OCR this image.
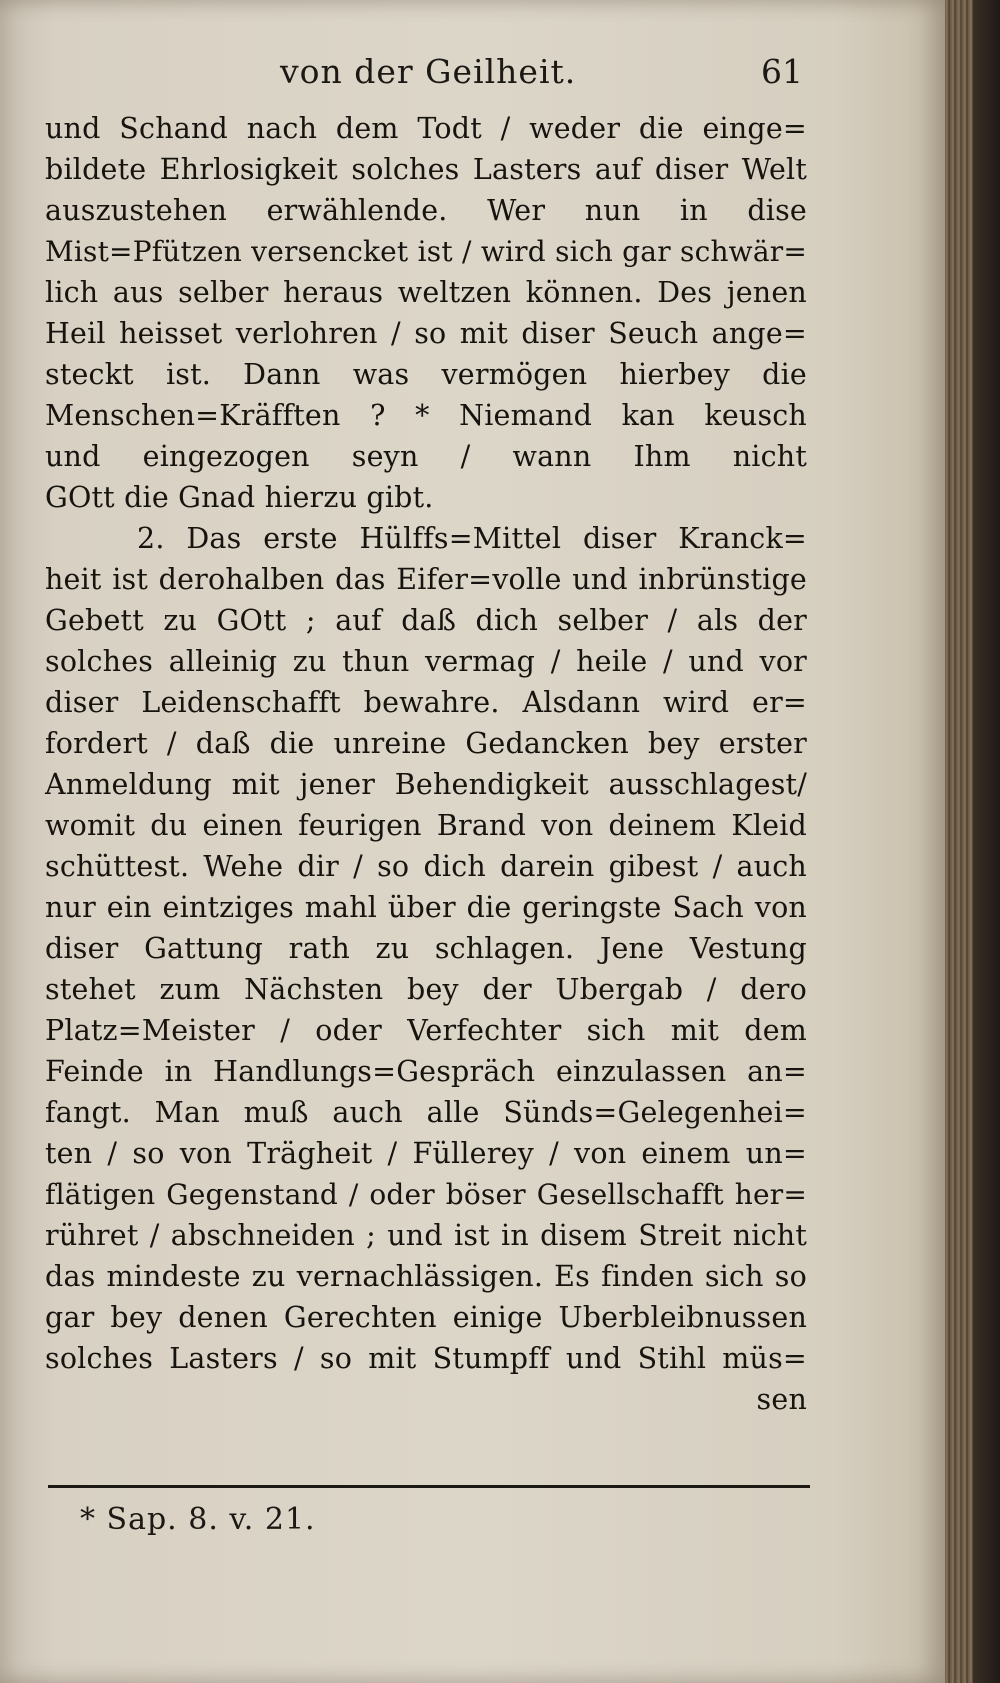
von der Geilheit.	61
und Schand nach dem Todt / weder die einge=
bildete Ehrlosigkeit solches Lasters auf diser Welt
auszustehen erwählende. Wer nun in dise
Mist=Pfützen versencket ist / wird sich gar schwär=
lich aus selber heraus weltzen können. Des jenen
Heil heisset verlohren / so mit diser Seuch ange=
steckt ist. Dann was vermögen hierbey die
Menschen=Kräfften ? * Niemand kan keusch
und eingezogen seyn / wann Ihm nicht
GOtt die Gnad hierzu gibt.
2. Das erste Hülffs=Mittel diser Kranck=
heit ist derohalben das Eifer=volle und inbrünstige
Gebett zu GOtt ; auf daß dich selber / als der
solches alleinig zu thun vermag / heile / und vor
diser Leidenschafft bewahre. Alsdann wird er=
fordert / daß die unreine Gedancken bey erster
Anmeldung mit jener Behendigkeit ausschlagest/
womit du einen feurigen Brand von deinem Kleid
schüttest. Wehe dir / so dich darein gibest / auch
nur ein eintziges mahl über die geringste Sach von
diser Gattung rath zu schlagen. Jene Vestung
stehet zum Nächsten bey der Ubergab / dero
Platz=Meister / oder Verfechter sich mit dem
Feinde in Handlungs=Gespräch einzulassen an=
fangt. Man muß auch alle Sünds=Gelegenhei=
ten / so von Trägheit / Füllerey / von einem un=
flätigen Gegenstand / oder böser Gesellschafft her=
rühret / abschneiden ; und ist in disem Streit nicht
das mindeste zu vernachlässigen. Es finden sich so
gar bey denen Gerechten einige Uberbleibnussen
solches Lasters / so mit Stumpff und Stihl müs=
sen
* Sap. 8. v. 21.
